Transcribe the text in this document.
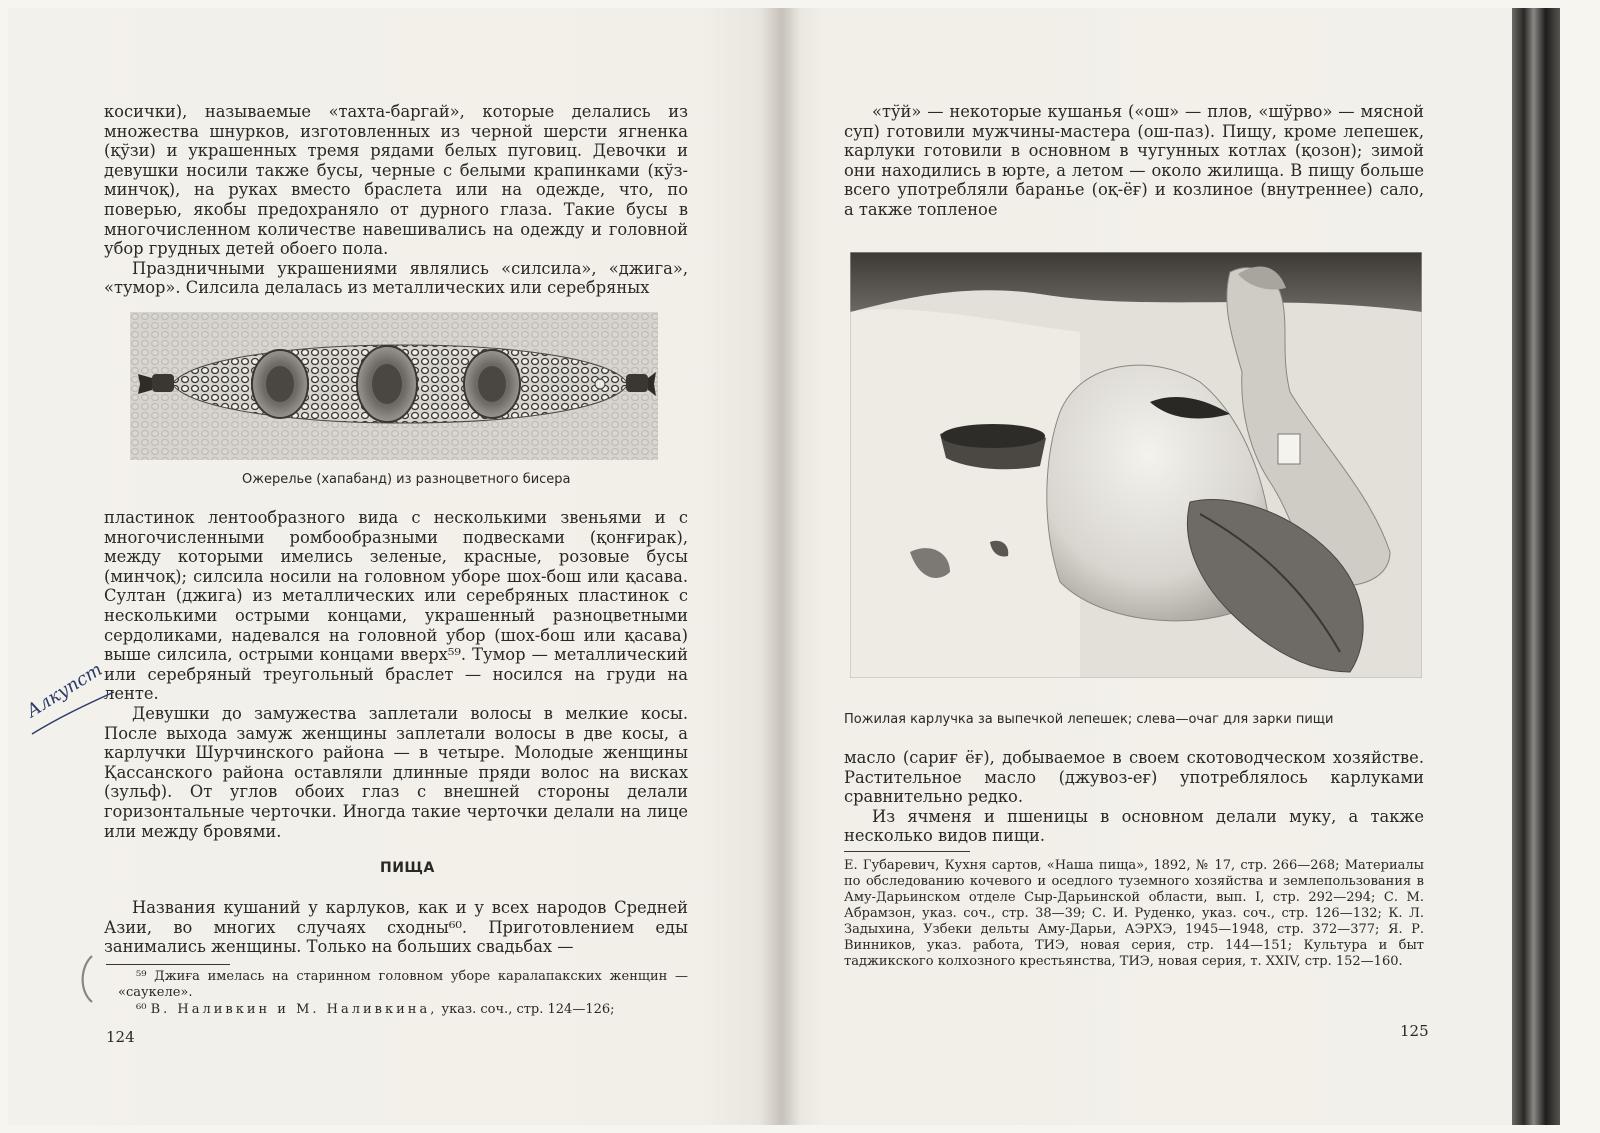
косички), называемые «тахта-баргай», которые делались из множества шнурков, изготовленных из черной шерсти ягненка (қўзи) и украшенных тремя рядами белых пуговиц. Девочки и девушки носили также бусы, черные с белыми крапинками (кўз-минчоқ), на руках вместо браслета или на одежде, что, по поверью, якобы предохраняло от дурного глаза. Такие бусы в многочисленном количестве навешивались на одежду и головной убор грудных детей обоего пола.

Праздничными украшениями являлись «силсила», «джига», «тумор». Силсила делалась из металлических или серебряных

Ожерелье (хапабанд) из разноцветного бисера

пластинок лентообразного вида с несколькими звеньями и с многочисленными ромбообразными подвесками (қонғирак), между которыми имелись зеленые, красные, розовые бусы (минчоқ); силсила носили на головном уборе шох-бош или қасава. Султан (джига) из металлических или серебряных пластинок с несколькими острыми концами, украшенный разноцветными сердоликами, надевался на головной убор (шох-бош или қасава) выше силсила, острыми концами вверх⁵⁹. Тумор — металлический или серебряный треугольный браслет — носился на груди на ленте.

Девушки до замужества заплетали волосы в мелкие косы. После выхода замуж женщины заплетали волосы в две косы, а карлучки Шурчинского района — в четыре. Молодые женщины Қассанского района оставляли длинные пряди волос на висках (зульф). От углов обоих глаз с внешней стороны делали горизонтальные черточки. Иногда такие черточки делали на лице или между бровями.

ПИЩА

Названия кушаний у карлуков, как и у всех народов Средней Азии, во многих случаях сходны⁶⁰. Приготовлением еды занимались женщины. Только на больших свадьбах —

⁵⁹ Джиға имелась на старинном головном уборе каралапакских женщин — «саукеле».
⁶⁰ В. Наливкин и М. Наливкина, указ. соч., стр. 124—126;
124
Алкупст

«тўй» — некоторые кушанья («ош» — плов, «шўрво» — мясной суп) готовили мужчины-мастера (ош-паз). Пищу, кроме лепешек, карлуки готовили в основном в чугунных котлах (қозон); зимой они находились в юрте, а летом — около жилища. В пищу больше всего употребляли баранье (оқ-ёғ) и козлиное (внутреннее) сало, а также топленое

Пожилая карлучка за выпечкой лепешек; слева—очаг для зарки пищи

масло (сариғ ёғ), добываемое в своем скотоводческом хозяйстве. Растительное масло (джувоз-еғ) употреблялось карлуками сравнительно редко.

Из ячменя и пшеницы в основном делали муку, а также несколько видов пищи.

Е. Губаревич, Кухня сартов, «Наша пища», 1892, № 17, стр. 266—268; Материалы по обследованию кочевого и оседлого туземного хозяйства и землепользования в Аму-Дарьинском отделе Сыр-Дарьинской области, вып. I, стр. 292—294; С. М. Абрамзон, указ. соч., стр. 38—39; С. И. Руденко, указ. соч., стр. 126—132; К. Л. Задыхина, Узбеки дельты Аму-Дарьи, АЭРХЭ, 1945—1948, стр. 372—377; Я. Р. Винников, указ. работа, ТИЭ, новая серия, стр. 144—151; Культура и быт таджикского колхозного крестьянства, ТИЭ, новая серия, т. XXIV, стр. 152—160.
125
